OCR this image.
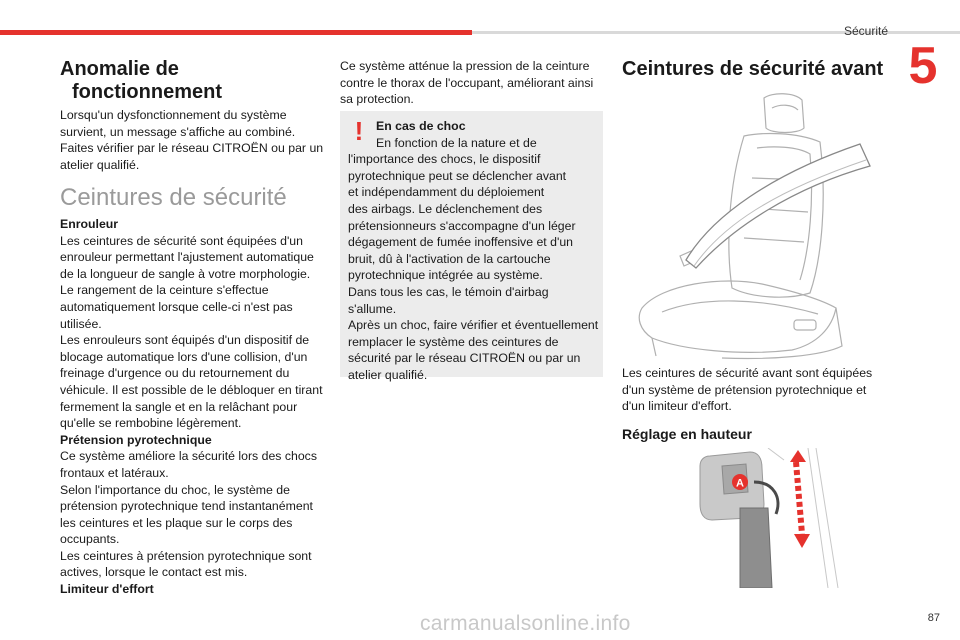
Sécurité
5
Anomalie de
fonctionnement

Lorsqu'un dysfonctionnement du système

survient, un message s'affiche au combiné.

Faites vérifier par le réseau CITROËN ou par un

atelier qualifié.

Ceintures de sécurité

Enrouleur

Les ceintures de sécurité sont équipées d'un

enrouleur permettant l'ajustement automatique

de la longueur de sangle à votre morphologie.

Le rangement de la ceinture s'effectue

automatiquement lorsque celle-ci n'est pas

utilisée.

Les enrouleurs sont équipés d'un dispositif de

blocage automatique lors d'une collision, d'un

freinage d'urgence ou du retournement du

véhicule. Il est possible de le débloquer en tirant

fermement la sangle et en la relâchant pour

qu'elle se rembobine légèrement.

Prétension pyrotechnique

Ce système améliore la sécurité lors des chocs

frontaux et latéraux.

Selon l'importance du choc, le système de

prétension pyrotechnique tend instantanément

les ceintures et les plaque sur le corps des

occupants.

Les ceintures à prétension pyrotechnique sont

actives, lorsque le contact est mis.

Limiteur d'effort

Ce système atténue la pression de la ceinture

contre le thorax de l'occupant, améliorant ainsi

sa protection.

!	En cas de choc

En fonction de la nature et de

l'importance des chocs, le dispositif

pyrotechnique peut se déclencher avant

et indépendamment du déploiement

des airbags. Le déclenchement des

prétensionneurs s'accompagne d'un léger

dégagement de fumée inoffensive et d'un

bruit, dû à l'activation de la cartouche

pyrotechnique intégrée au système.

Dans tous les cas, le témoin d'airbag

s'allume.

Après un choc, faire vérifier et éventuellement

remplacer le système des ceintures de

sécurité par le réseau CITROËN ou par un

atelier qualifié.

Ceintures de sécurité avant

Les ceintures de sécurité avant sont équipées

d'un système de prétension pyrotechnique et

d'un limiteur d'effort.

Réglage en hauteur
A
87
carmanualsonline.info
